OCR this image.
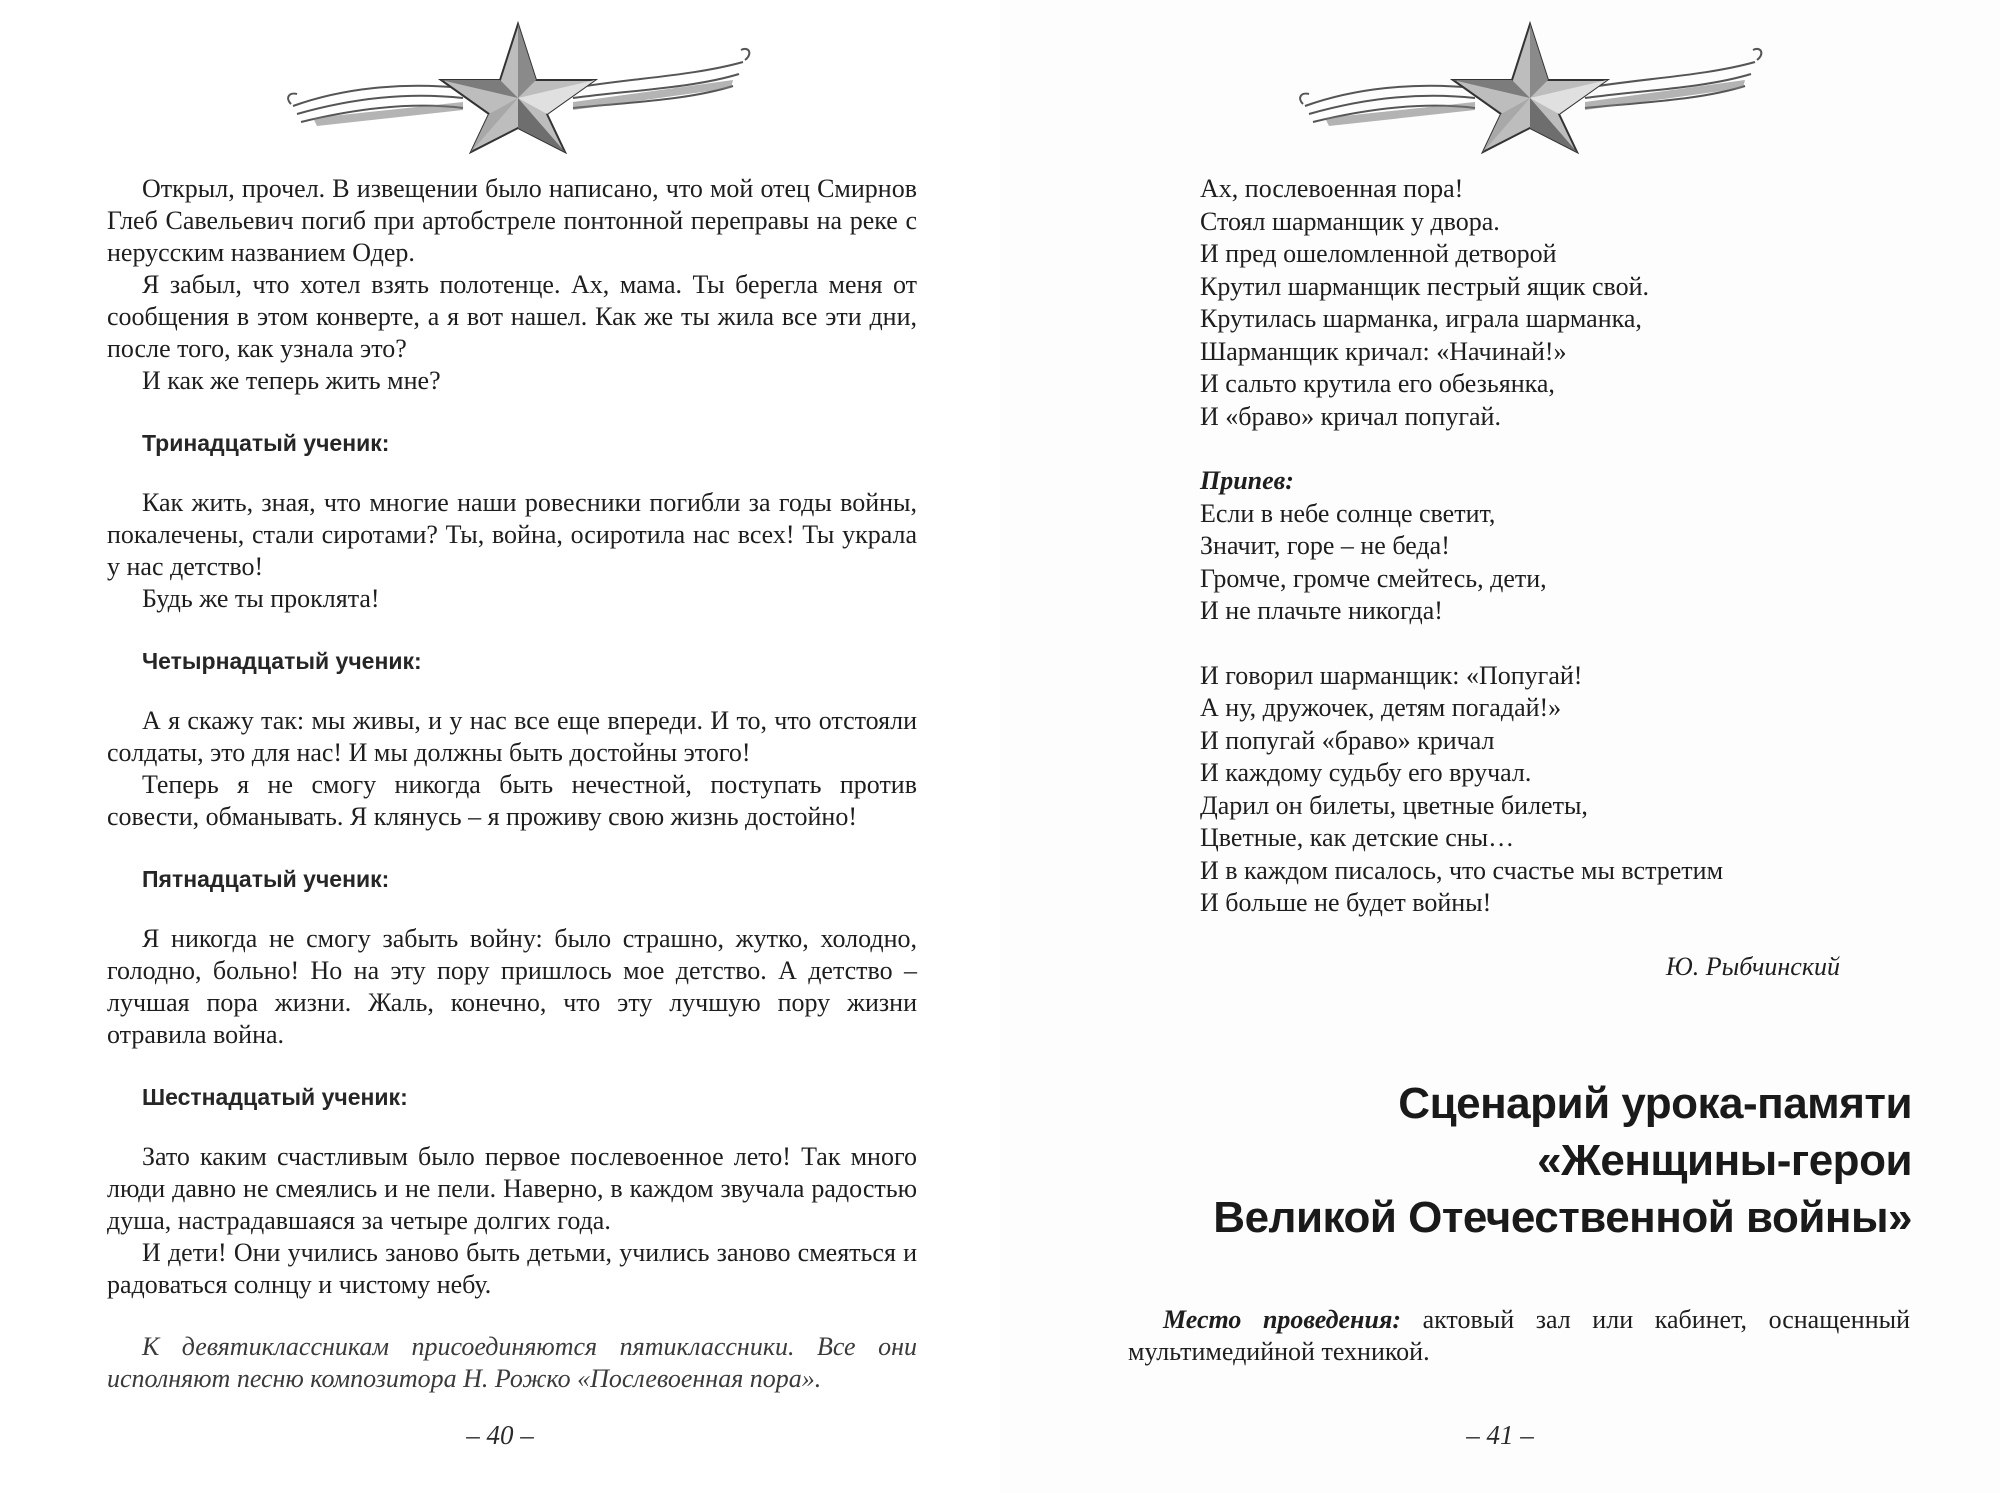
Открыл, прочел. В извещении было написано, что мой отец Смирнов Глеб Савельевич погиб при артобстреле понтонной переправы на реке с нерусским названием Одер.

Я забыл, что хотел взять полотенце. Ах, мама. Ты берегла меня от сообщения в этом конверте, а я вот нашел. Как же ты жила все эти дни, после того, как узнала это?

И как же теперь жить мне?

Тринадцатый ученик:

Как жить, зная, что многие наши ровесники погибли за годы войны, покалечены, стали сиротами? Ты, война, осиротила нас всех! Ты украла у нас детство!

Будь же ты проклята!

Четырнадцатый ученик:

А я скажу так: мы живы, и у нас все еще впереди. И то, что отстояли солдаты, это для нас! И мы должны быть достойны этого!

Теперь я не смогу никогда быть нечестной, поступать против совести, обманывать. Я клянусь – я проживу свою жизнь достойно!

Пятнадцатый ученик:

Я никогда не смогу забыть войну: было страшно, жутко, холодно, голодно, больно! Но на эту пору пришлось мое детство. А детство – лучшая пора жизни. Жаль, конечно, что эту лучшую пору жизни отравила война.

Шестнадцатый ученик:

Зато каким счастливым было первое послевоенное лето! Так много люди давно не смеялись и не пели. Наверно, в каждом звучала радостью душа, настрадавшаяся за четыре долгих года.

И дети! Они учились заново быть детьми, учились заново смеяться и радоваться солнцу и чистому небу.

К девятиклассникам присоединяются пятиклассники. Все они исполняют песню композитора Н. Рожко «Послевоенная пора».

– 40 –
Ах, послевоенная пора!
Стоял шарманщик у двора.
И пред ошеломленной детворой
Крутил шарманщик пестрый ящик свой.
Крутилась шарманка, играла шарманка,
Шарманщик кричал: «Начинай!»
И сальто крутила его обезьянка,
И «браво» кричал попугай.
Припев:
Если в небе солнце светит,
Значит, горе – не беда!
Громче, громче смейтесь, дети,
И не плачьте никогда!
И говорил шарманщик: «Попугай!
А ну, дружочек, детям погадай!»
И попугай «браво» кричал
И каждому судьбу его вручал.
Дарил он билеты, цветные билеты,
Цветные, как детские сны…
И в каждом писалось, что счастье мы встретим
И больше не будет войны!
Ю. Рыбчинский
Сценарий урока-памяти
«Женщины-герои
Великой Отечественной войны»

Место проведения: актовый зал или кабинет, оснащенный мультимедийной техникой.

– 41 –
